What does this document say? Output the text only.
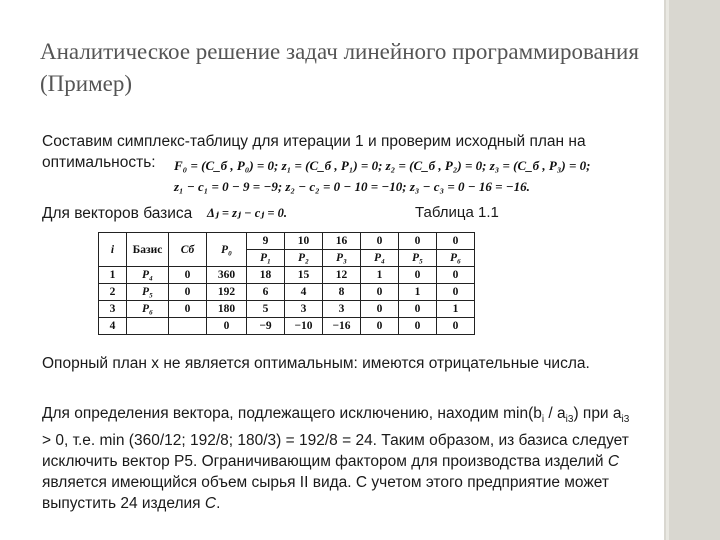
Аналитическое решение задач линейного программирования (Пример)
Составим симплекс-таблицу для итерации 1 и проверим исходный план на оптимальность:	F₀ = (C_б , P₀) = 0; z₁ = (C_б , P₁) = 0; z₂ = (C_б , P₂) = 0; z₃ = (C_б , P₃) = 0;
z₁ − c₁ = 0 − 9 = −9; z₂ − c₂ = 0 − 10 = −10; z₃ − c₃ = 0 − 16 = −16.
Для векторов базиса	Δⱼ = zⱼ − cⱼ = 0.	Таблица 1.1
i	Базис	Cб	P₀	9	10	16	0	0	0
				P₁	P₂	P₃	P₄	P₅	P₆
1	P₄	0	360	18	15	12	1	0	0
2	P₅	0	192	6	4	8	0	1	0
3	P₆	0	180	5	3	3	0	0	1
4			0	−9	−10	−16	0	0	0
Опорный план x не является оптимальным: имеются отрицательные числа.
Для определения вектора, подлежащего исключению, находим $\min(b_i / a_{i3})$ при $a_{i3} > 0$, т.е. min (360/12; 192/8; 180/3) = 192/8 = 24. Таким образом, из базиса следует исключить вектор P5. Ограничивающим фактором для производства изделий С является имеющийся объем сырья II вида. С учетом этого предприятие может выпустить 24 изделия С.
